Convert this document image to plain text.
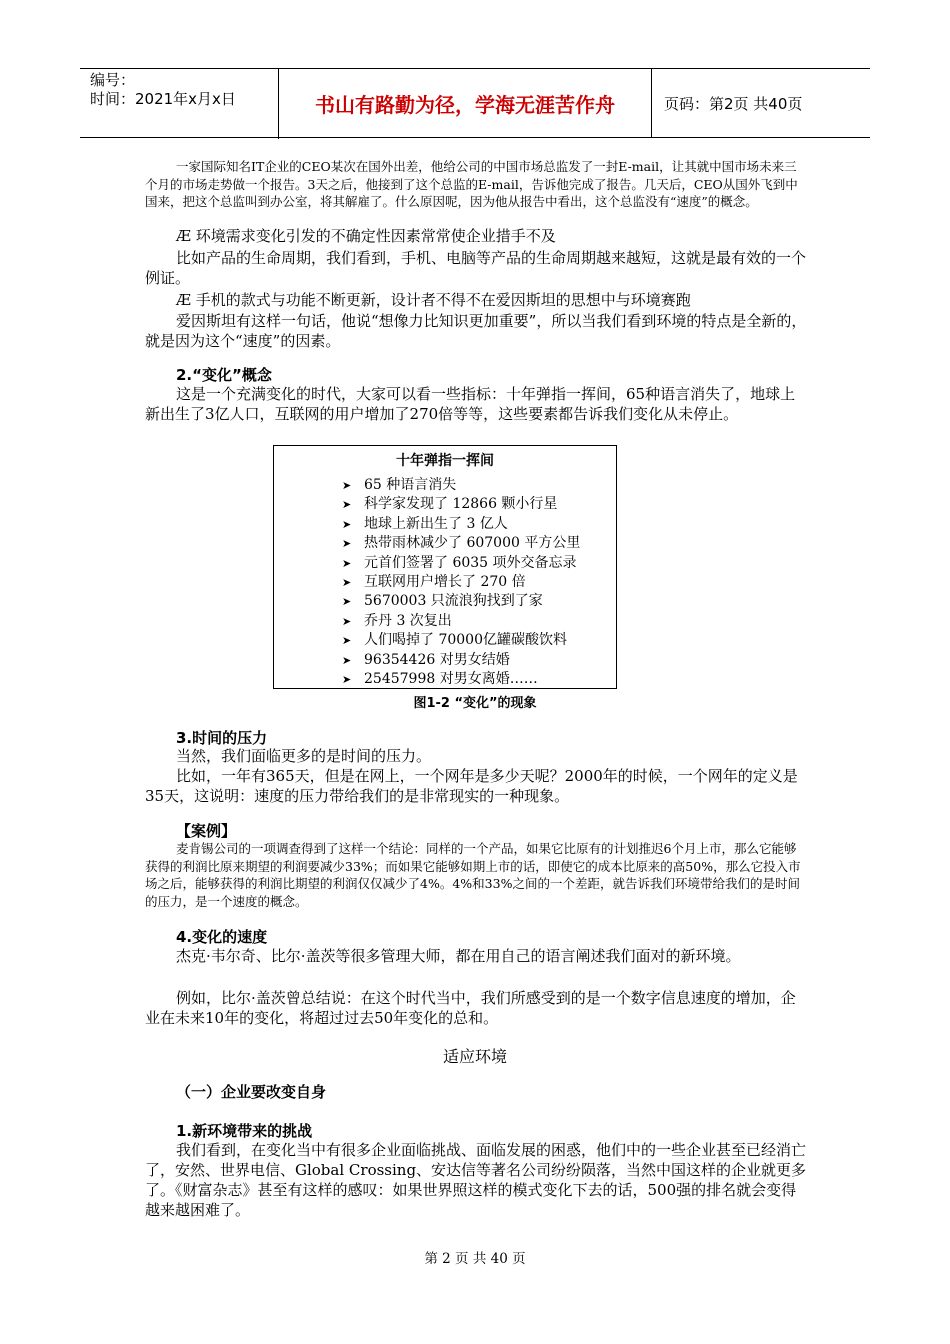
编号：
时间：2021年x月x日	书山有路勤为径，学海无涯苦作舟	页码：第2页 共40页

一家国际知名IT企业的CEO某次在国外出差，他给公司的中国市场总监发了一封E-mail，让其就中国市场未来三个月的市场走势做一个报告。3天之后，他接到了这个总监的E-mail，告诉他完成了报告。几天后，CEO从国外飞到中国来，把这个总监叫到办公室，将其解雇了。什么原因呢，因为他从报告中看出，这个总监没有“速度”的概念。

Æ 环境需求变化引发的不确定性因素常常使企业措手不及

比如产品的生命周期，我们看到，手机、电脑等产品的生命周期越来越短，这就是最有效的一个例证。

Æ 手机的款式与功能不断更新，设计者不得不在爱因斯坦的思想中与环境赛跑

爱因斯坦有这样一句话，他说“想像力比知识更加重要”，所以当我们看到环境的特点是全新的，就是因为这个“速度”的因素。

2.“变化”概念

这是一个充满变化的时代，大家可以看一些指标：十年弹指一挥间，65种语言消失了，地球上新出生了3亿人口，互联网的用户增加了270倍等等，这些要素都告诉我们变化从未停止。

十年弹指一挥间
➤ 65 种语言消失
➤ 科学家发现了 12866 颗小行星
➤ 地球上新出生了 3 亿人
➤ 热带雨林减少了 607000 平方公里
➤ 元首们签署了 6035 项外交备忘录
➤ 互联网用户增长了 270 倍
➤ 5670003 只流浪狗找到了家
➤ 乔丹 3 次复出
➤ 人们喝掉了 70000亿罐碳酸饮料
➤ 96354426 对男女结婚
➤ 25457998 对男女离婚……
图1-2 “变化”的现象

3.时间的压力

当然，我们面临更多的是时间的压力。

比如，一年有365天，但是在网上，一个网年是多少天呢？2000年的时候，一个网年的定义是35天，这说明：速度的压力带给我们的是非常现实的一种现象。

【案例】

麦肯锡公司的一项调查得到了这样一个结论：同样的一个产品，如果它比原有的计划推迟6个月上市，那么它能够获得的利润比原来期望的利润要减少33%；而如果它能够如期上市的话，即使它的成本比原来的高50%，那么它投入市场之后，能够获得的利润比期望的利润仅仅减少了4%。4%和33%之间的一个差距，就告诉我们环境带给我们的是时间的压力，是一个速度的概念。

4.变化的速度

杰克·韦尔奇、比尔·盖茨等很多管理大师，都在用自己的语言阐述我们面对的新环境。

例如，比尔·盖茨曾总结说：在这个时代当中，我们所感受到的是一个数字信息速度的增加，企业在未来10年的变化，将超过过去50年变化的总和。

适应环境

（一）企业要改变自身

1.新环境带来的挑战

我们看到，在变化当中有很多企业面临挑战、面临发展的困惑，他们中的一些企业甚至已经消亡了，安然、世界电信、Global Crossing、安达信等著名公司纷纷陨落，当然中国这样的企业就更多了。《财富杂志》甚至有这样的感叹：如果世界照这样的模式变化下去的话，500强的排名就会变得越来越困难了。

第 2 页 共 40 页
